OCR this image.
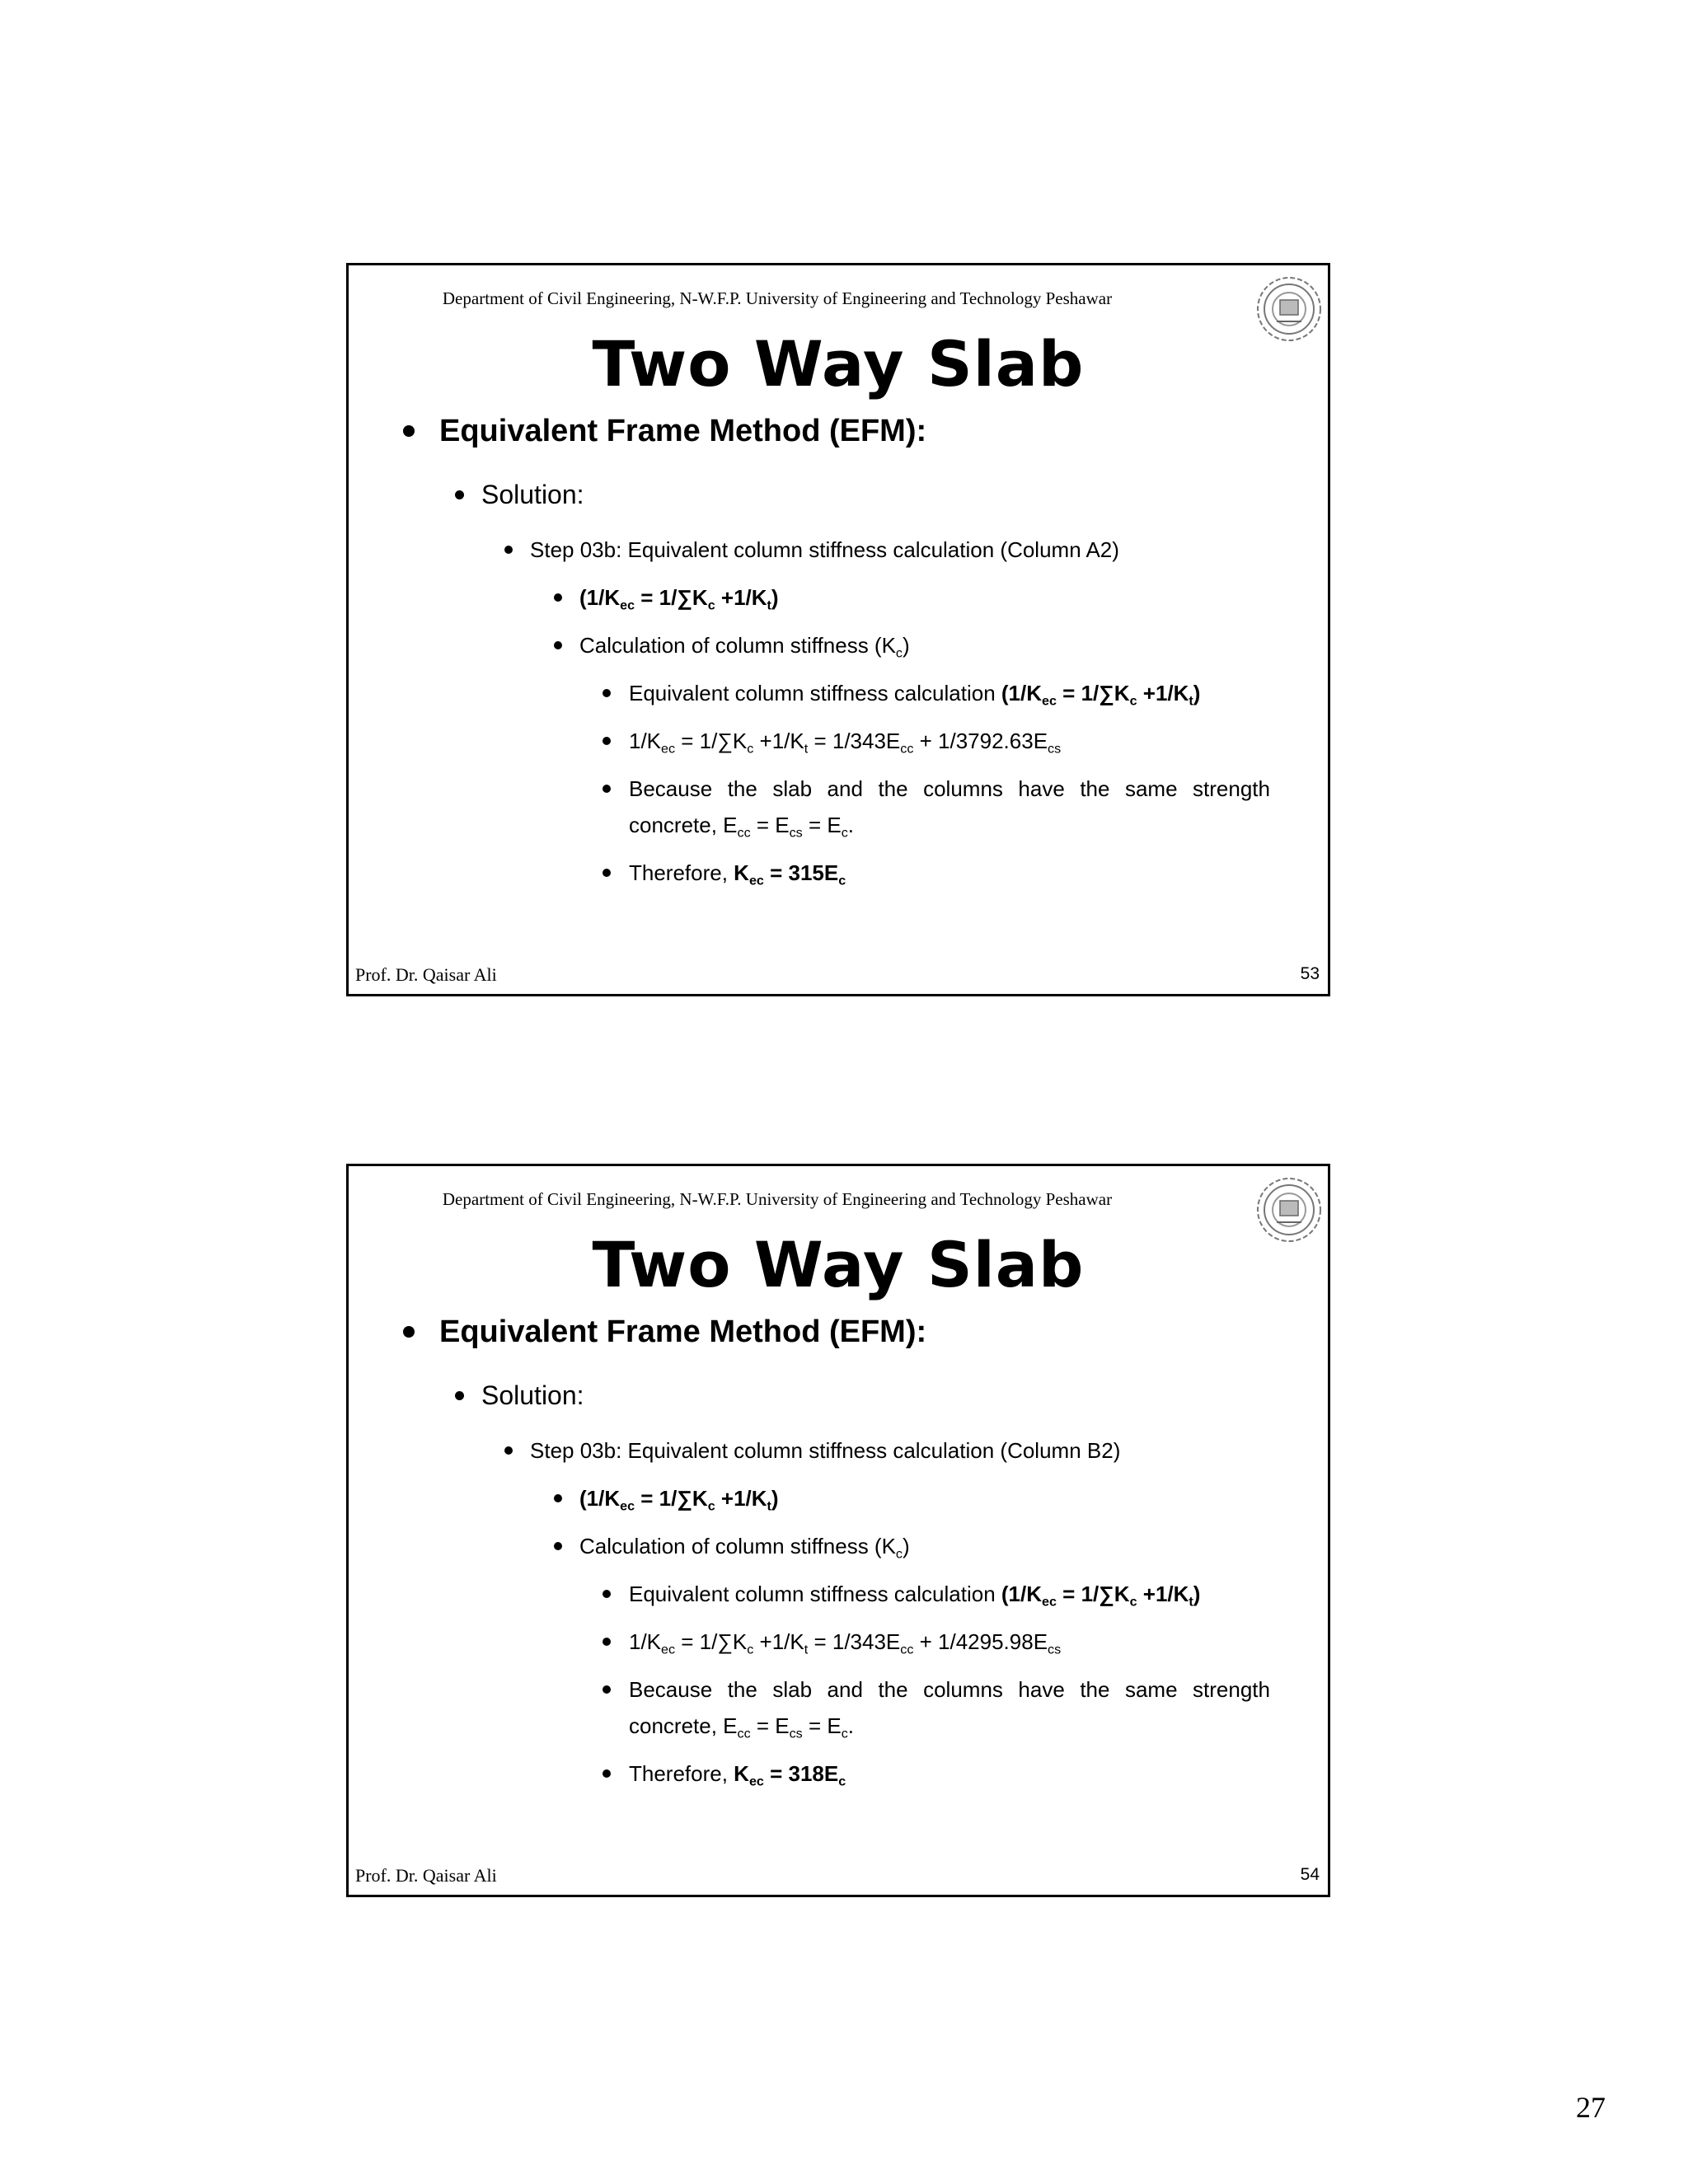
Department of Civil Engineering, N-W.F.P. University of Engineering and Technology Peshawar
Two Way Slab
Equivalent Frame Method (EFM):
Solution:
Step 03b: Equivalent column stiffness calculation (Column A2)
$(1/K_{ec} = 1/\sum K_c +1/K_t)$
Calculation of column stiffness $(K_c)$
Equivalent column stiffness calculation $(1/K_{ec} = 1/\sum K_c +1/K_t)$
$1/K_{ec} = 1/\sum K_c +1/K_t = 1/343E_{cc} + 1/3792.63E_{cs}$
Because the slab and the columns have the same strength
concrete, $E_{cc} = E_{cs} = E_c$.
Therefore, $K_{ec} = 315E_c$
Prof. Dr. Qaisar Ali	53
Department of Civil Engineering, N-W.F.P. University of Engineering and Technology Peshawar
Two Way Slab
Equivalent Frame Method (EFM):
Solution:
Step 03b: Equivalent column stiffness calculation (Column B2)
$(1/K_{ec} = 1/\sum K_c +1/K_t)$
Calculation of column stiffness $(K_c)$
Equivalent column stiffness calculation $(1/K_{ec} = 1/\sum K_c +1/K_t)$
$1/K_{ec} = 1/\sum K_c +1/K_t = 1/343E_{cc} + 1/4295.98E_{cs}$
Because the slab and the columns have the same strength
concrete, $E_{cc} = E_{cs} = E_c$.
Therefore, $K_{ec} = 318E_c$
Prof. Dr. Qaisar Ali	54
27
